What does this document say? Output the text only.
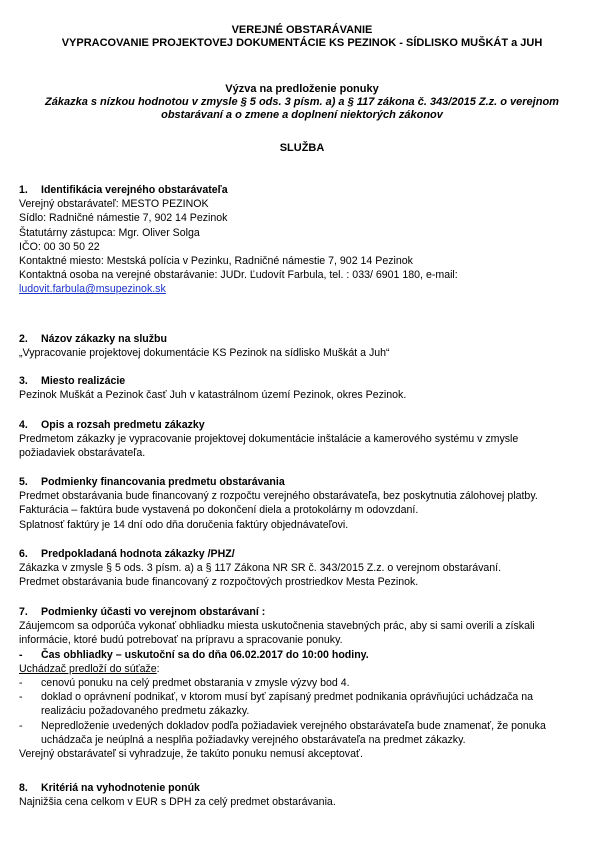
VEREJNÉ OBSTARÁVANIE
VYPRACOVANIE PROJEKTOVEJ DOKUMENTÁCIE KS PEZINOK - SÍDLISKO MUŠKÁT a JUH
Výzva na predloženie ponuky
Zákazka s nízkou hodnotou v zmysle § 5 ods. 3 písm. a) a § 117 zákona č. 343/2015 Z.z. o verejnom
obstarávaní a o zmene a doplnení niektorých zákonov
SLUŽBA
1. Identifikácia verejného obstarávateľa
Verejný obstarávateľ: MESTO PEZINOK
Sídlo: Radničné námestie 7, 902 14 Pezinok
Štatutárny zástupca: Mgr. Oliver Solga
IČO: 00 30 50 22
Kontaktné miesto: Mestská polícia v Pezinku, Radničné námestie 7, 902 14 Pezinok
Kontaktná osoba na verejné obstarávanie: JUDr. Ľudovít Farbula, tel. : 033/ 6901 180, e-mail:
ludovit.farbula@msupezinok.sk
2. Názov zákazky na službu
„Vypracovanie projektovej dokumentácie KS Pezinok na sídlisko Muškát a Juh“
3. Miesto realizácie
Pezinok Muškát a Pezinok časť Juh v katastrálnom území Pezinok, okres Pezinok.
4. Opis a rozsah predmetu zákazky
Predmetom zákazky je vypracovanie projektovej dokumentácie inštalácie a kamerového systému v zmysle
požiadaviek obstarávateľa.
5. Podmienky financovania predmetu obstarávania
Predmet obstarávania bude financovaný z rozpočtu verejného obstarávateľa, bez poskytnutia zálohovej platby.
Fakturácia – faktúra bude vystavená po dokončení diela a protokolárny m odovzdaní.
Splatnosť faktúry je 14 dní odo dňa doručenia faktúry objednávateľovi.
6. Predpokladaná hodnota zákazky /PHZ/
Zákazka v zmysle § 5 ods. 3 písm. a) a § 117 Zákona NR SR č. 343/2015 Z.z. o verejnom obstarávaní.
Predmet obstarávania bude financovaný z rozpočtových prostriedkov Mesta Pezinok.
7. Podmienky účasti vo verejnom obstarávaní :
Záujemcom sa odporúča vykonať obhliadku miesta uskutočnenia stavebných prác, aby si sami overili a získali
informácie, ktoré budú potrebovať na prípravu a spracovanie ponuky.
- Čas obhliadky – uskutoční sa do dňa 06.02.2017 do 10:00 hodiny.
Uchádzač predloží do súťaže:
- cenovú ponuku na celý predmet obstarania v zmysle výzvy bod 4.
- doklad o oprávnení podnikať, v ktorom musí byť zapísaný predmet podnikania oprávňujúci uchádzača na
realizáciu požadovaného predmetu zákazky.
- Nepredloženie uvedených dokladov podľa požiadaviek verejného obstarávateľa bude znamenať, že ponuka
uchádzača je neúplná a nesplňa požiadavky verejného obstarávateľa na predmet zákazky.
Verejný obstarávateľ si vyhradzuje, že takúto ponuku nemusí akceptovať.
8. Kritériá na vyhodnotenie ponúk
Najnižšia cena celkom v EUR s DPH za celý predmet obstarávania.
